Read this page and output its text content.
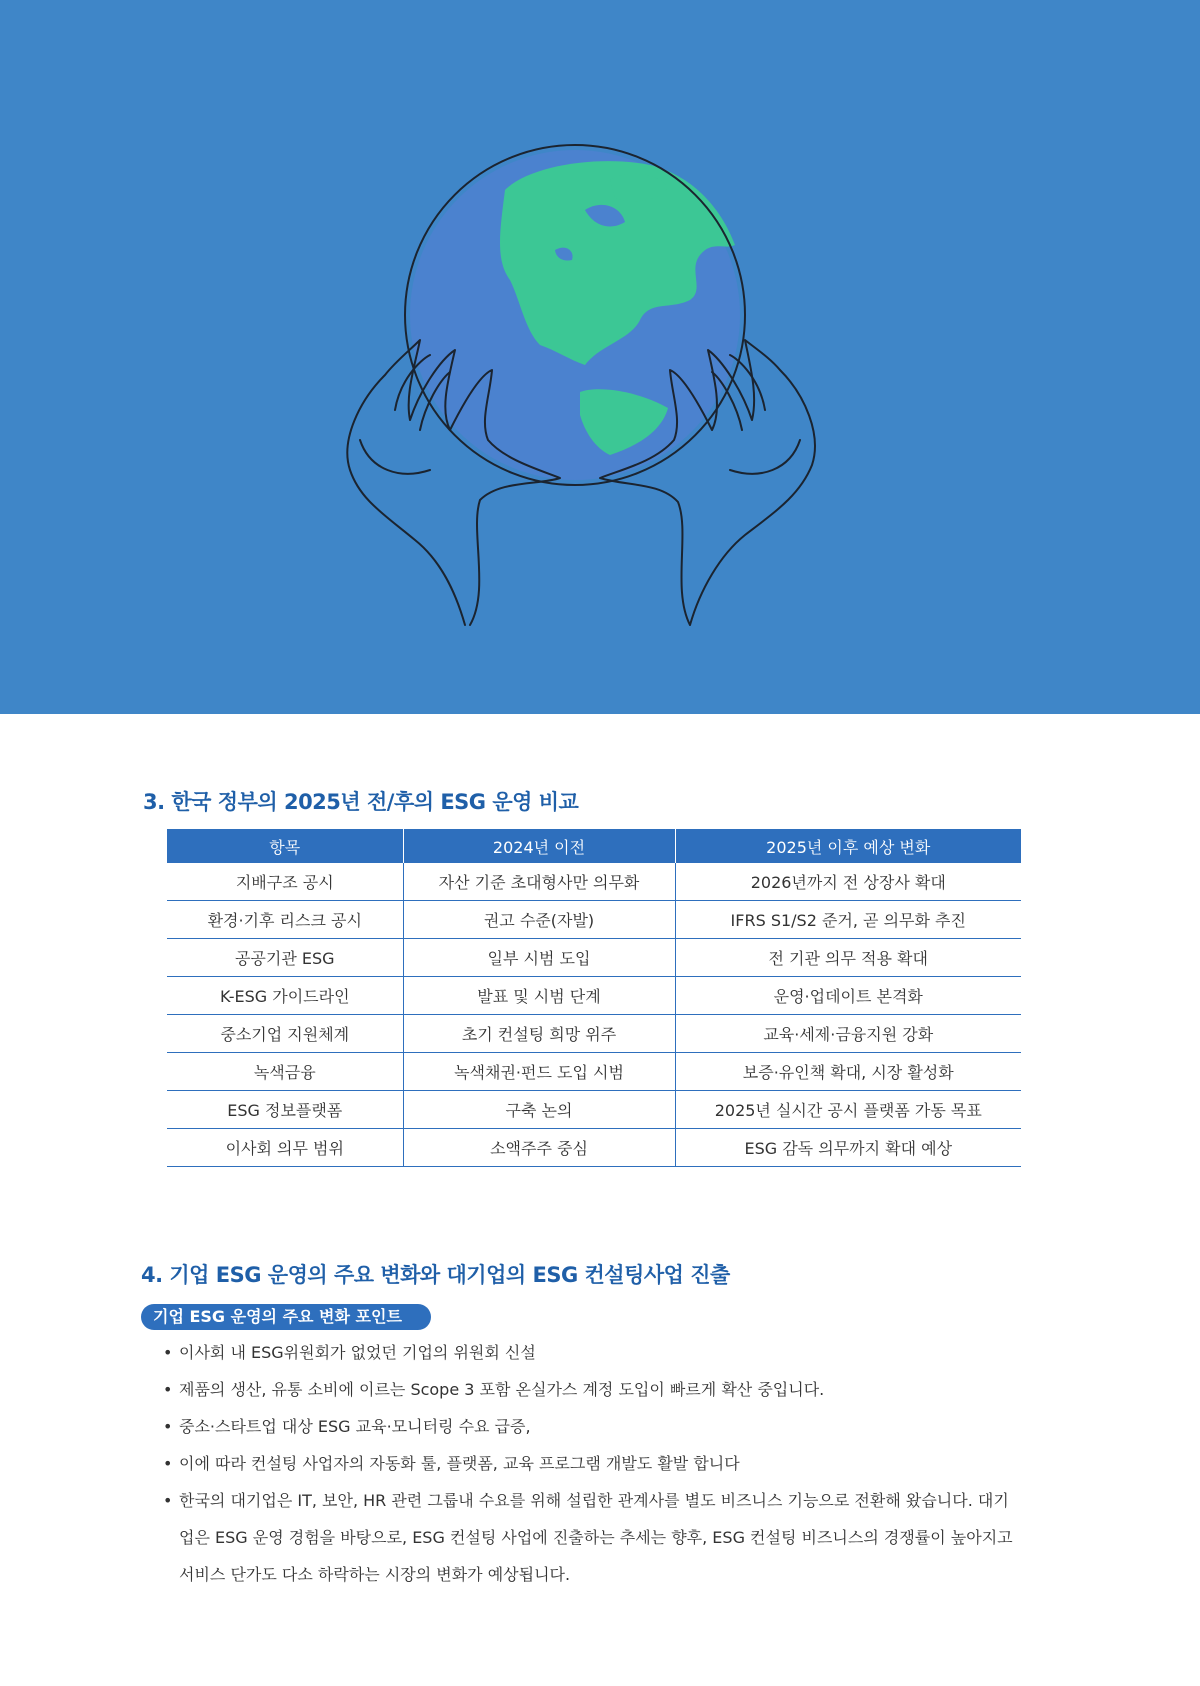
3. 한국 정부의 2025년 전/후의 ESG 운영 비교
항목	2024년 이전	2025년 이후 예상 변화
지배구조 공시	자산 기준 초대형사만 의무화	2026년까지 전 상장사 확대
환경·기후 리스크 공시	권고 수준(자발)	IFRS S1/S2 준거, 곧 의무화 추진
공공기관 ESG	일부 시범 도입	전 기관 의무 적용 확대
K-ESG 가이드라인	발표 및 시범 단계	운영·업데이트 본격화
중소기업 지원체계	초기 컨설팅 희망 위주	교육·세제·금융지원 강화
녹색금융	녹색채권·펀드 도입 시범	보증·유인책 확대, 시장 활성화
ESG 정보플랫폼	구축 논의	2025년 실시간 공시 플랫폼 가동 목표
이사회 의무 범위	소액주주 중심	ESG 감독 의무까지 확대 예상
4. 기업 ESG 운영의 주요 변화와 대기업의 ESG 컨설팅사업 진출
기업 ESG 운영의 주요 변화 포인트
• 이사회 내 ESG위원회가 없었던 기업의 위원회 신설
• 제품의 생산, 유통 소비에 이르는 Scope 3 포함 온실가스 계정 도입이 빠르게 확산 중입니다.
• 중소·스타트업 대상 ESG 교육·모니터링 수요 급증,
• 이에 따라 컨설팅 사업자의 자동화 툴, 플랫폼, 교육 프로그램 개발도 활발 합니다
• 한국의 대기업은 IT, 보안, HR 관련 그룹내 수요를 위해 설립한 관계사를 별도 비즈니스 기능으로 전환해 왔습니다. 대기업은 ESG 운영 경험을 바탕으로, ESG 컨설팅 사업에 진출하는 추세는 향후, ESG 컨설팅 비즈니스의 경쟁률이 높아지고 서비스 단가도 다소 하락하는 시장의 변화가 예상됩니다.
